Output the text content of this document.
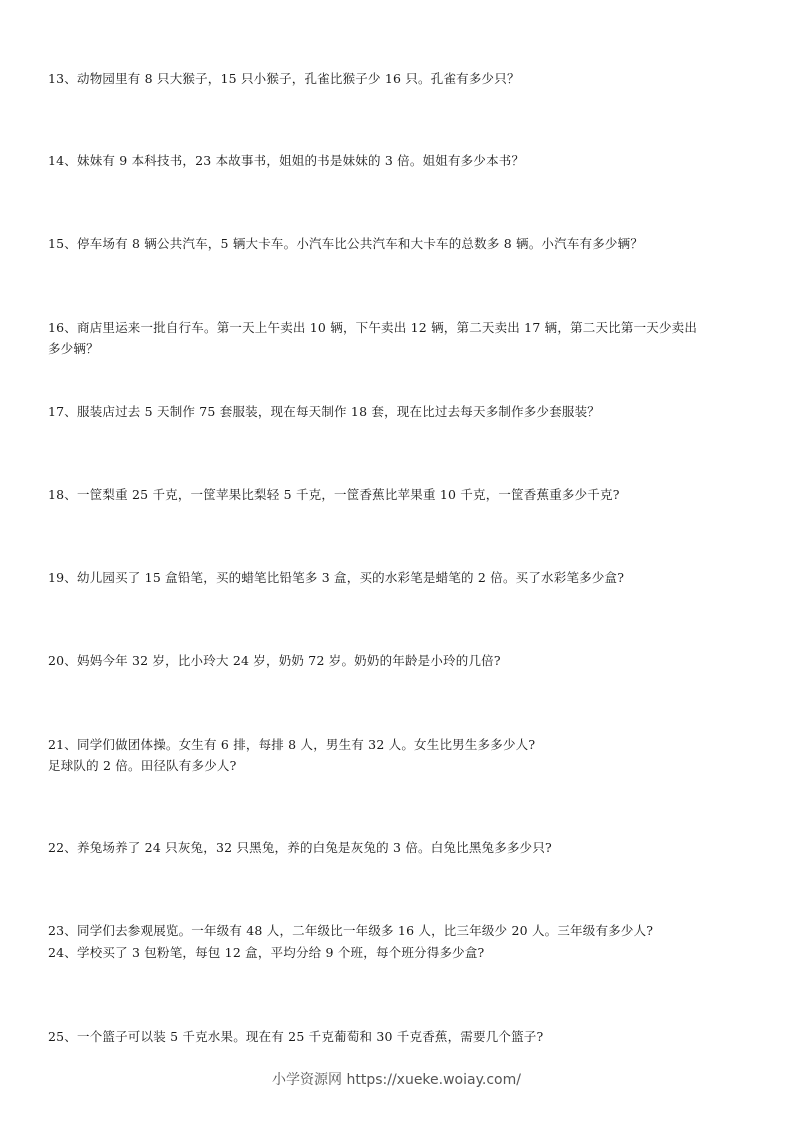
13、动物园里有 8 只大猴子，15 只小猴子，孔雀比猴子少 16 只。孔雀有多少只？
14、妹妹有 9 本科技书，23 本故事书，姐姐的书是妹妹的 3 倍。姐姐有多少本书？
15、停车场有 8 辆公共汽车，5 辆大卡车。小汽车比公共汽车和大卡车的总数多 8 辆。小汽车有多少辆？
16、商店里运来一批自行车。第一天上午卖出 10 辆，下午卖出 12 辆，第二天卖出 17 辆，第二天比第一天少卖出
多少辆？
17、服装店过去 5 天制作 75 套服装，现在每天制作 18 套，现在比过去每天多制作多少套服装？
18、一筐梨重 25 千克，一筐苹果比梨轻 5 千克，一筐香蕉比苹果重 10 千克，一筐香蕉重多少千克?
19、幼儿园买了 15 盒铅笔，买的蜡笔比铅笔多 3 盒，买的水彩笔是蜡笔的 2 倍。买了水彩笔多少盒?
20、妈妈今年 32 岁，比小玲大 24 岁，奶奶 72 岁。奶奶的年龄是小玲的几倍?
21、同学们做团体操。女生有 6 排，每排 8 人，男生有 32 人。女生比男生多多少人?
足球队的 2 倍。田径队有多少人?
22、养兔场养了 24 只灰兔，32 只黑兔，养的白兔是灰兔的 3 倍。白兔比黑兔多多少只?
23、同学们去参观展览。一年级有 48 人，二年级比一年级多 16 人，比三年级少 20 人。三年级有多少人?
24、学校买了 3 包粉笔，每包 12 盒，平均分给 9 个班，每个班分得多少盒?
25、一个篮子可以装 5 千克水果。现在有 25 千克葡萄和 30 千克香蕉，需要几个篮子?
小学资源网 https://xueke.woiay.com/
